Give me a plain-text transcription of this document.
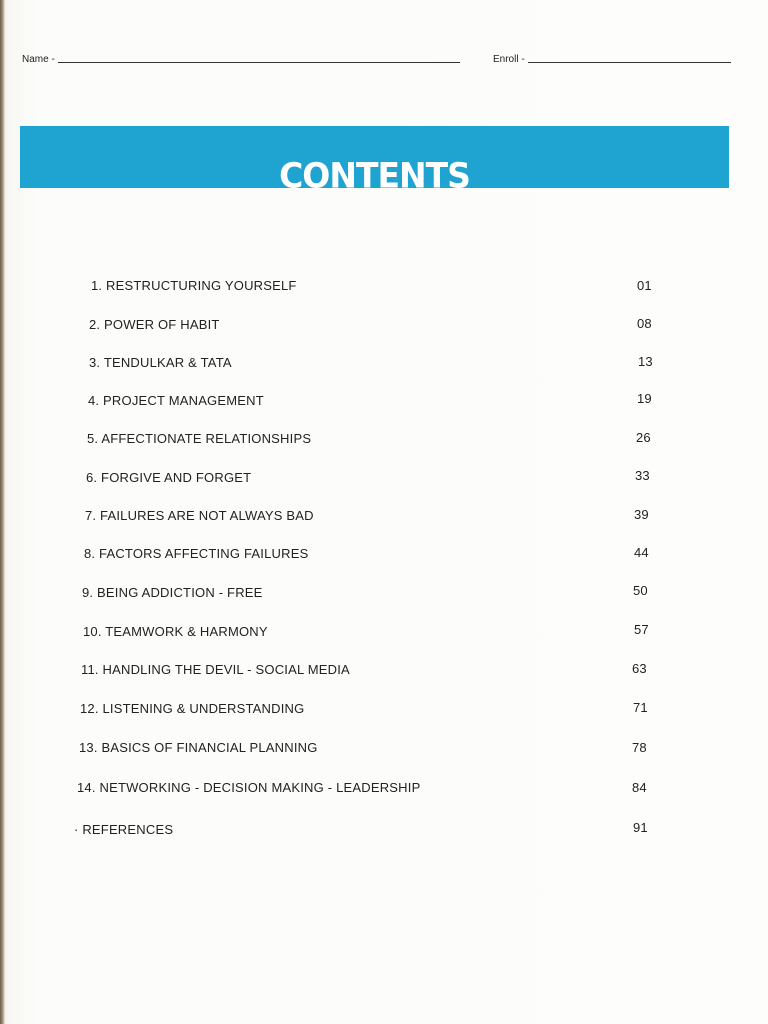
Name -	Enroll -
CONTENTS
1. RESTRUCTURING YOURSELF	01
2. POWER OF HABIT	08
3. TENDULKAR & TATA	13
4. PROJECT MANAGEMENT	19
5. AFFECTIONATE RELATIONSHIPS	26
6. FORGIVE AND FORGET	33
7. FAILURES ARE NOT ALWAYS BAD	39
8. FACTORS AFFECTING FAILURES	44
9. BEING ADDICTION - FREE	50
10. TEAMWORK & HARMONY	57
11. HANDLING THE DEVIL - SOCIAL MEDIA	63
12. LISTENING & UNDERSTANDING	71
13. BASICS OF FINANCIAL PLANNING	78
14. NETWORKING - DECISION MAKING - LEADERSHIP	84
· REFERENCES	91
